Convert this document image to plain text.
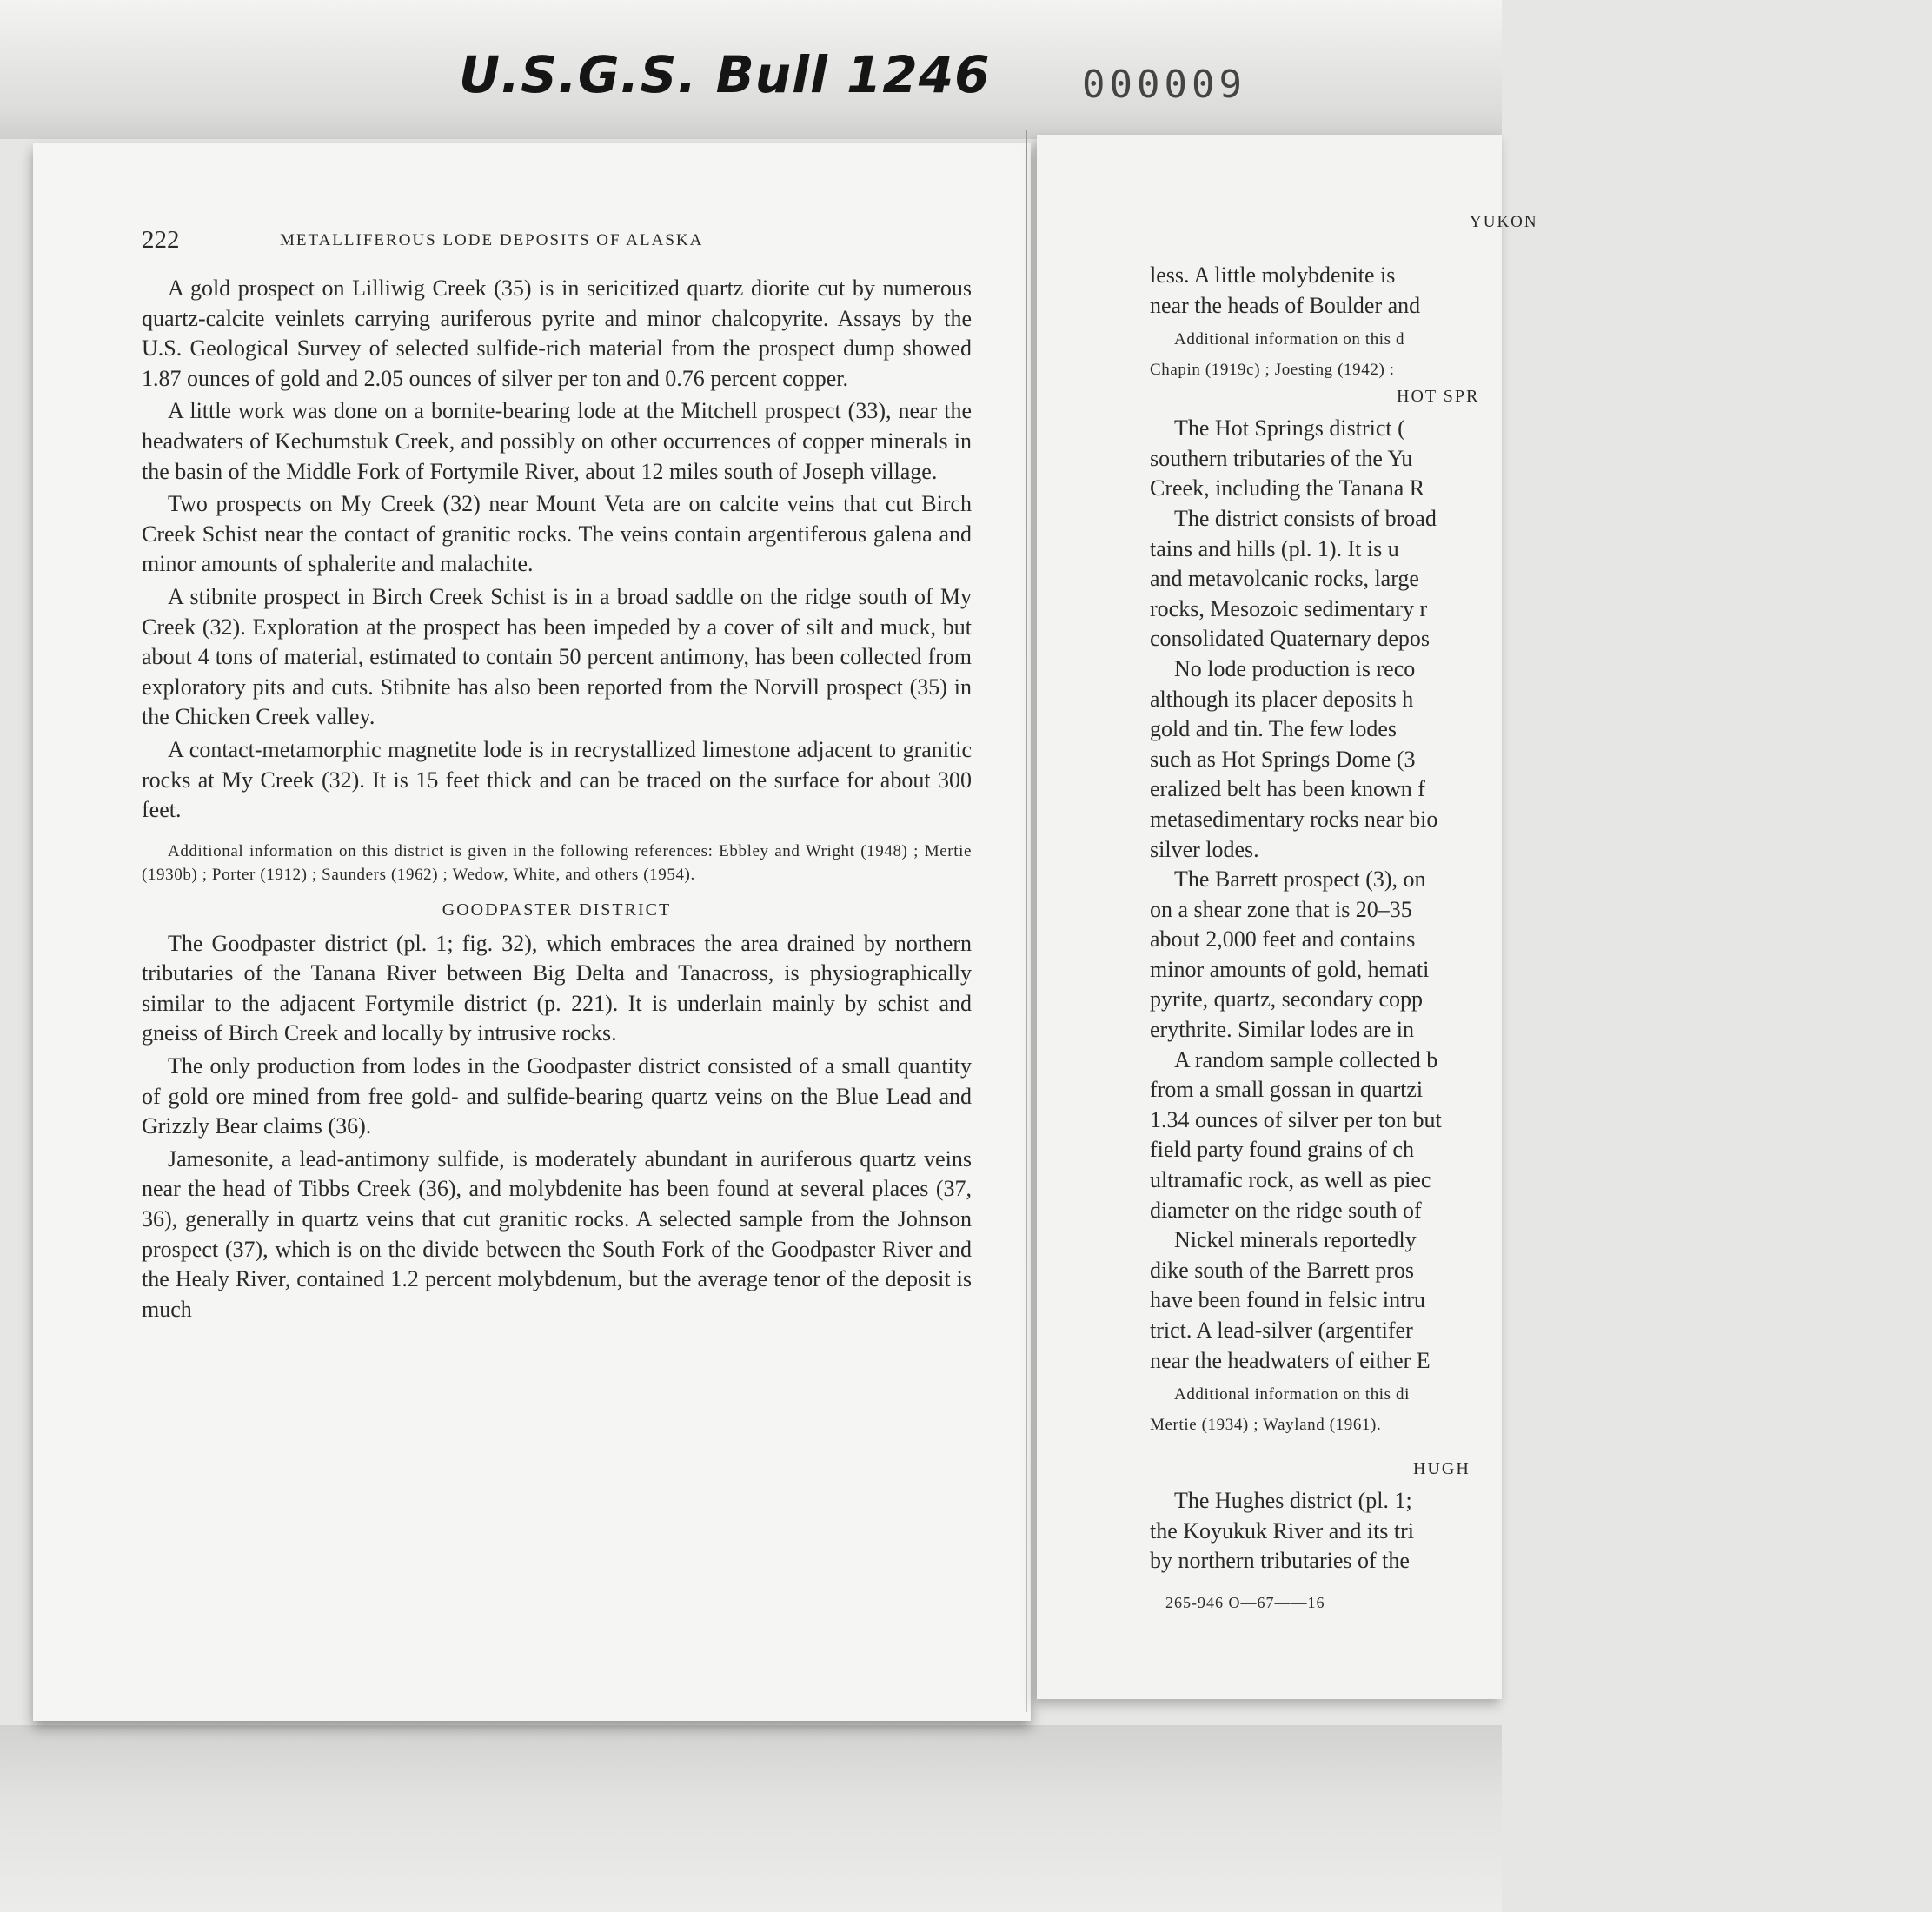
U.S.G.S. Bull 1246 000009

222	METALLIFEROUS LODE DEPOSITS OF ALASKA

A gold prospect on Lilliwig Creek (35) is in sericitized quartz diorite cut by numerous quartz-calcite veinlets carrying auriferous pyrite and minor chalcopyrite. Assays by the U.S. Geological Survey of selected sulfide-rich material from the prospect dump showed 1.87 ounces of gold and 2.05 ounces of silver per ton and 0.76 percent copper.

A little work was done on a bornite-bearing lode at the Mitchell prospect (33), near the headwaters of Kechumstuk Creek, and possibly on other occurrences of copper minerals in the basin of the Middle Fork of Fortymile River, about 12 miles south of Joseph village.

Two prospects on My Creek (32) near Mount Veta are on calcite veins that cut Birch Creek Schist near the contact of granitic rocks. The veins contain argentiferous galena and minor amounts of sphalerite and malachite.

A stibnite prospect in Birch Creek Schist is in a broad saddle on the ridge south of My Creek (32). Exploration at the prospect has been impeded by a cover of silt and muck, but about 4 tons of material, estimated to contain 50 percent antimony, has been collected from exploratory pits and cuts. Stibnite has also been reported from the Norvill prospect (35) in the Chicken Creek valley.

A contact-metamorphic magnetite lode is in recrystallized limestone adjacent to granitic rocks at My Creek (32). It is 15 feet thick and can be traced on the surface for about 300 feet.

Additional information on this district is given in the following references: Ebbley and Wright (1948) ; Mertie (1930b) ; Porter (1912) ; Saunders (1962) ; Wedow, White, and others (1954).

GOODPASTER DISTRICT

The Goodpaster district (pl. 1; fig. 32), which embraces the area drained by northern tributaries of the Tanana River between Big Delta and Tanacross, is physiographically similar to the adjacent Fortymile district (p. 221). It is underlain mainly by schist and gneiss of Birch Creek and locally by intrusive rocks.

The only production from lodes in the Goodpaster district consisted of a small quantity of gold ore mined from free gold- and sulfide-bearing quartz veins on the Blue Lead and Grizzly Bear claims (36).

Jamesonite, a lead-antimony sulfide, is moderately abundant in auriferous quartz veins near the head of Tibbs Creek (36), and molybdenite has been found at several places (37, 36), generally in quartz veins that cut granitic rocks. A selected sample from the Johnson prospect (37), which is on the divide between the South Fork of the Goodpaster River and the Healy River, contained 1.2 percent molybdenum, but the average tenor of the deposit is much

YUKON

less. A little molybdenite is

near the heads of Boulder and

Additional information on this d

Chapin (1919c) ; Joesting (1942) :

HOT SPR

The Hot Springs district (

southern tributaries of the Yu

Creek, including the Tanana R

The district consists of broad

tains and hills (pl. 1). It is u

and metavolcanic rocks, large

rocks, Mesozoic sedimentary r

consolidated Quaternary depos

No lode production is reco

although its placer deposits h

gold and tin. The few lodes

such as Hot Springs Dome (3

eralized belt has been known f

metasedimentary rocks near bio

silver lodes.

The Barrett prospect (3), on

on a shear zone that is 20–35

about 2,000 feet and contains

minor amounts of gold, hemati

pyrite, quartz, secondary copp

erythrite. Similar lodes are in

A random sample collected b

from a small gossan in quartzi

1.34 ounces of silver per ton but

field party found grains of ch

ultramafic rock, as well as piec

diameter on the ridge south of

Nickel minerals reportedly

dike south of the Barrett pros

have been found in felsic intru

trict. A lead-silver (argentifer

near the headwaters of either E

Additional information on this di

Mertie (1934) ; Wayland (1961).

HUGH

The Hughes district (pl. 1;

the Koyukuk River and its tri

by northern tributaries of the

265-946 O—67——16
